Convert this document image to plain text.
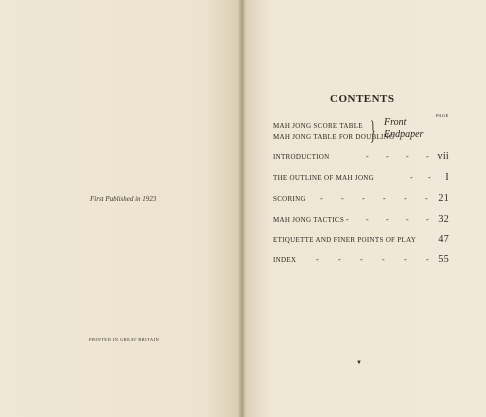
First Published in 1923
PRINTED IN GREAT BRITAIN
CONTENTS
PAGE
MAH JONG SCORE TABLE
MAH JONG TABLE FOR DOUBLING
} Front
Endpaper
INTRODUCTION	- - - - vii
THE OUTLINE OF MAH JONG	- - I
SCORING - - - - - - 21
MAH JONG TACTICS - - - - - 32
ETIQUETTE AND FINER POINTS OF PLAY 47
INDEX - - - - - - 55
▼
